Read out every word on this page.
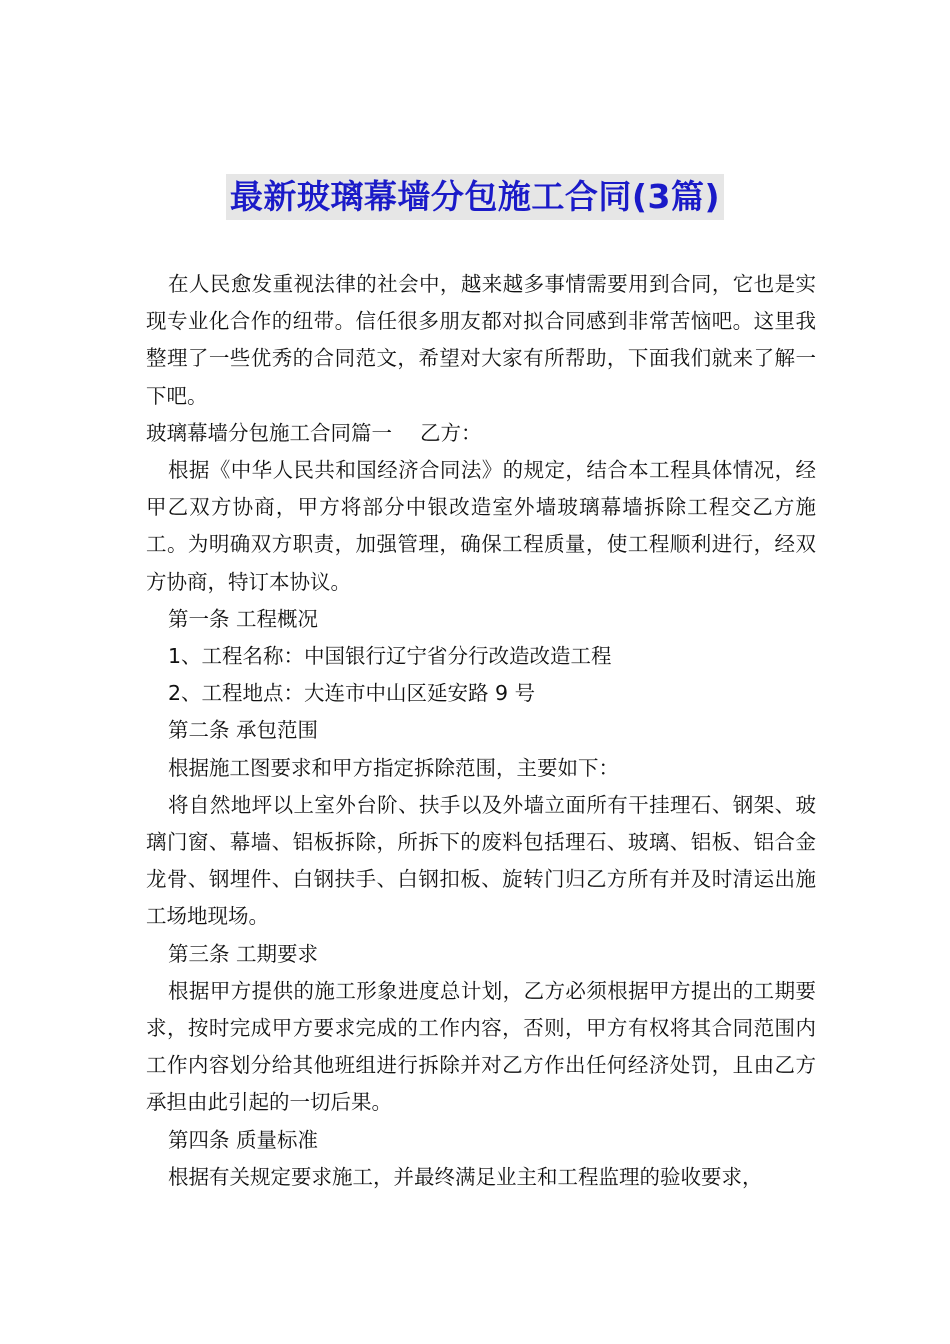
最新玻璃幕墙分包施工合同(3篇)

在人民愈发重视法律的社会中，越来越多事情需要用到合同，它也是实现专业化合作的纽带。信任很多朋友都对拟合同感到非常苦恼吧。这里我整理了一些优秀的合同范文，希望对大家有所帮助，下面我们就来了解一下吧。

玻璃幕墙分包施工合同篇一 乙方：

根据《中华人民共和国经济合同法》的规定，结合本工程具体情况，经甲乙双方协商，甲方将部分中银改造室外墙玻璃幕墙拆除工程交乙方施工。为明确双方职责，加强管理，确保工程质量，使工程顺利进行，经双方协商，特订本协议。

第一条 工程概况

1、工程名称：中国银行辽宁省分行改造改造工程

2、工程地点：大连市中山区延安路 9 号

第二条 承包范围

根据施工图要求和甲方指定拆除范围，主要如下：

将自然地坪以上室外台阶、扶手以及外墙立面所有干挂理石、钢架、玻璃门窗、幕墙、铝板拆除，所拆下的废料包括理石、玻璃、铝板、铝合金龙骨、钢埋件、白钢扶手、白钢扣板、旋转门归乙方所有并及时清运出施工场地现场。

第三条 工期要求

根据甲方提供的施工形象进度总计划，乙方必须根据甲方提出的工期要求，按时完成甲方要求完成的工作内容，否则，甲方有权将其合同范围内工作内容划分给其他班组进行拆除并对乙方作出任何经济处罚，且由乙方承担由此引起的一切后果。

第四条 质量标准

根据有关规定要求施工，并最终满足业主和工程监理的验收要求，
